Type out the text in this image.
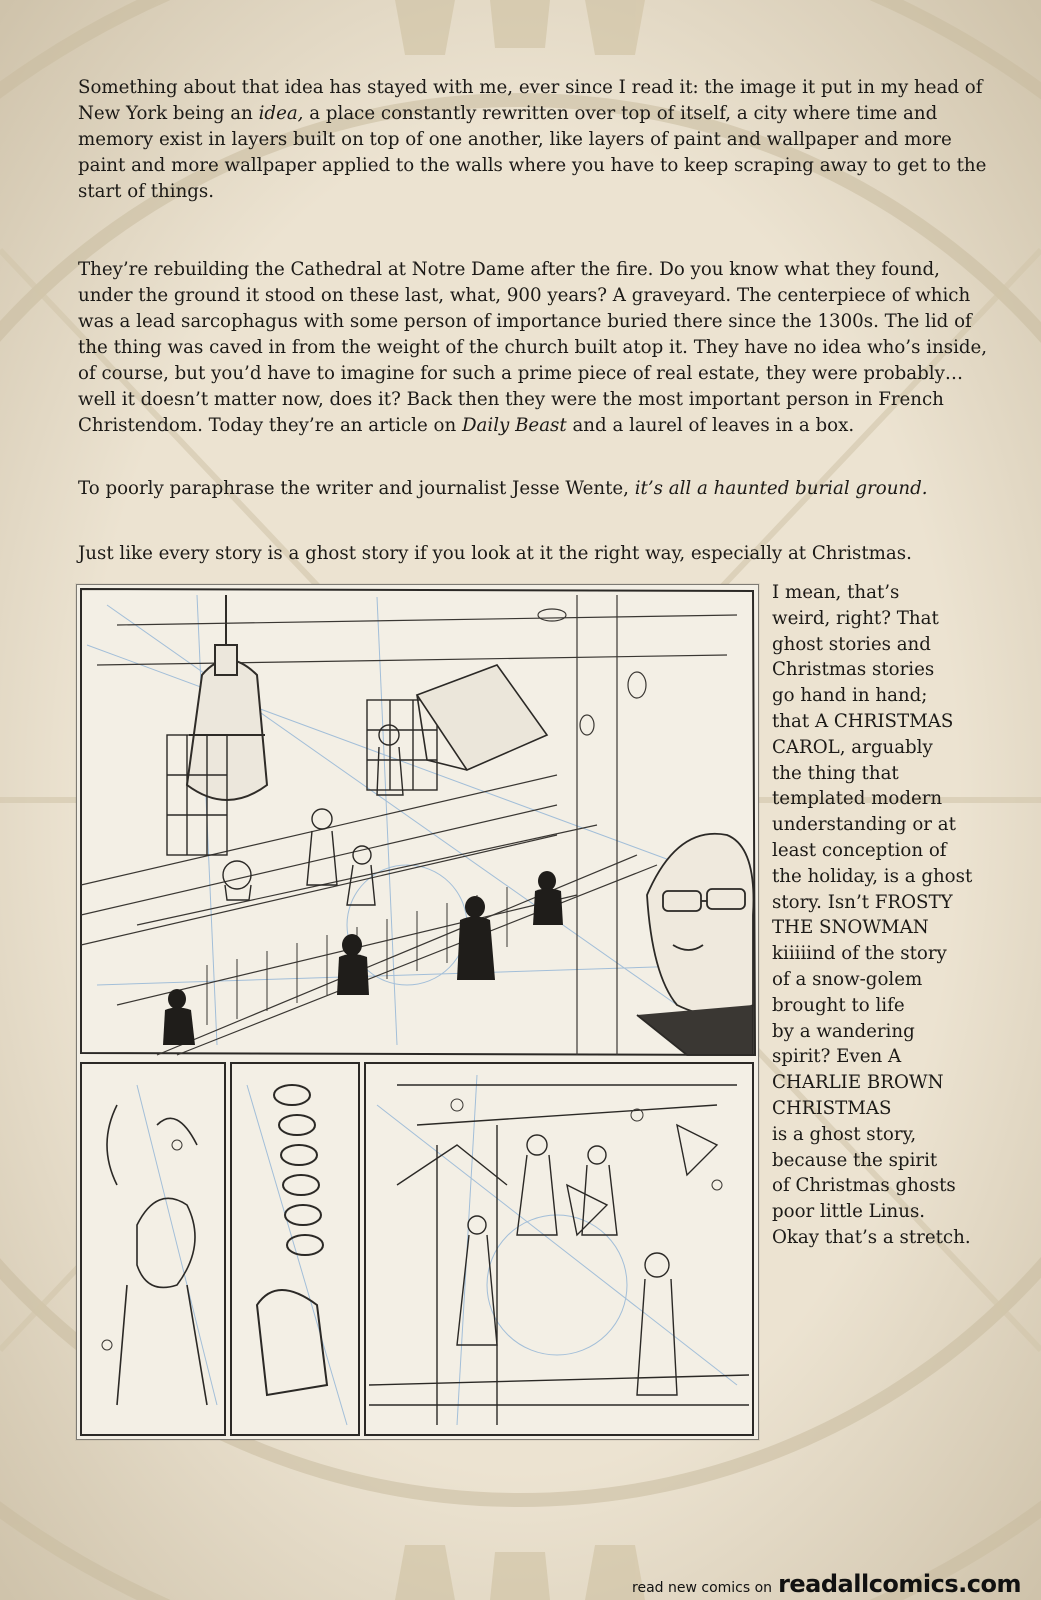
Something about that idea has stayed with me, ever since I read it: the image it put in my head of New York being an idea, a place constantly rewritten over top of itself, a city where time and memory exist in layers built on top of one another, like layers of paint and wallpaper and more paint and more wallpaper applied to the walls where you have to keep scraping away to get to the start of things.

They’re rebuilding the Cathedral at Notre Dame after the fire. Do you know what they found, under the ground it stood on these last, what, 900 years? A graveyard. The centerpiece of which was a lead sarcophagus with some person of importance buried there since the 1300s. The lid of the thing was caved in from the weight of the church built atop it. They have no idea who’s inside, of course, but you’d have to imagine for such a prime piece of real estate, they were probably… well it doesn’t matter now, does it? Back then they were the most important person in French Christendom. Today they’re an article on Daily Beast and a laurel of leaves in a box.

To poorly paraphrase the writer and journalist Jesse Wente, it’s all a haunted burial ground.

Just like every story is a ghost story if you look at it the right way, especially at Christmas.

I mean, that’s
weird, right? That
ghost stories and
Christmas stories
go hand in hand;
that A CHRISTMAS
CAROL, arguably
the thing that
templated modern
understanding or at
least conception of
the holiday, is a ghost
story. Isn’t FROSTY
THE SNOWMAN
kiiiiind of the story
of a snow-golem
brought to life
by a wandering
spirit? Even A
CHARLIE BROWN
CHRISTMAS
is a ghost story,
because the spirit
of Christmas ghosts
poor little Linus.
Okay that’s a stretch.

read new comics on readallcomics.com
